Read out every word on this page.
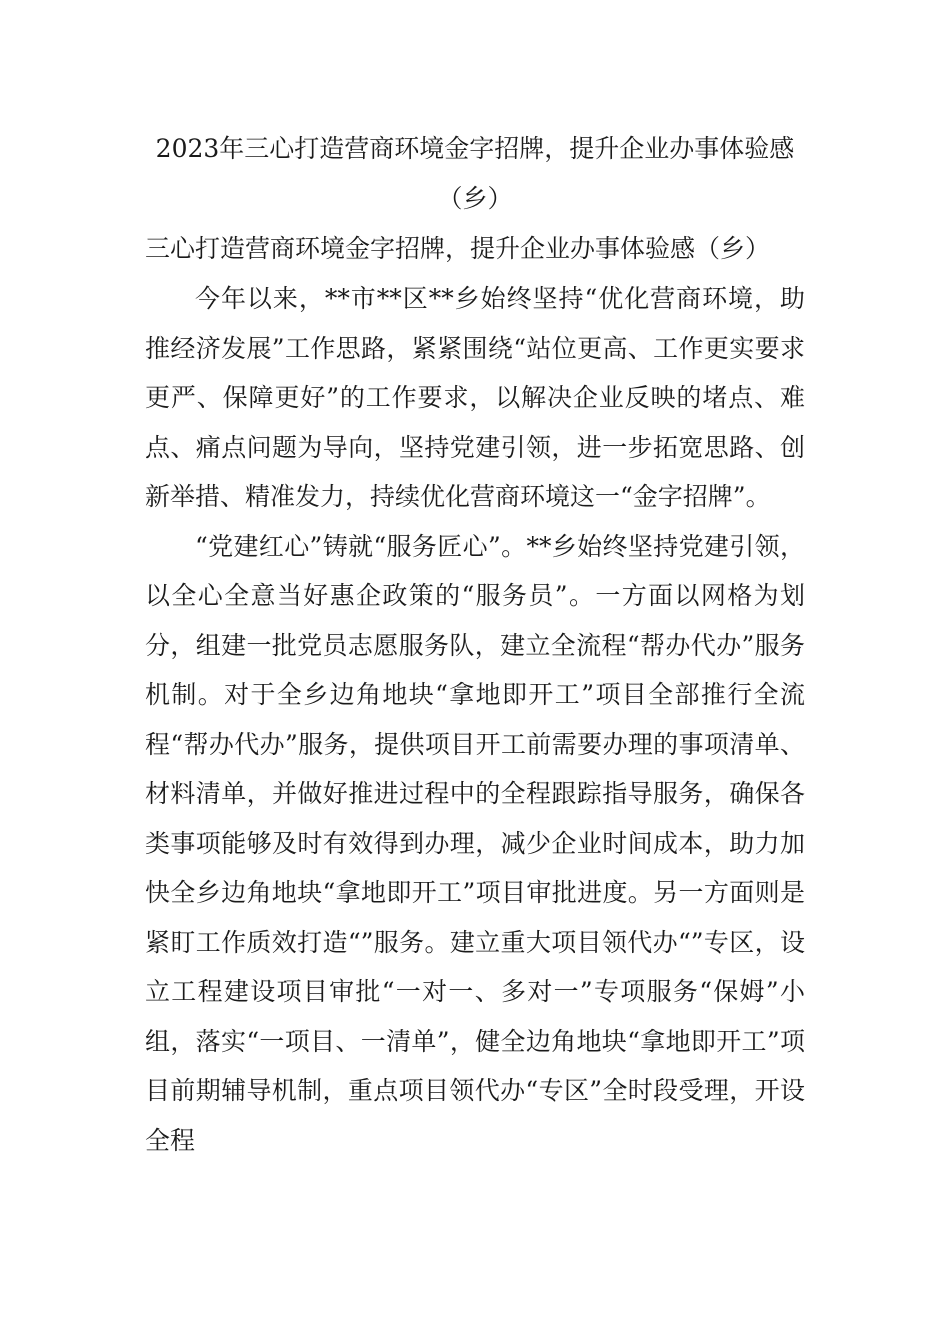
2023年三心打造营商环境金字招牌，提升企业办事体验感（乡）

三心打造营商环境金字招牌，提升企业办事体验感（乡）

今年以来，**市**区**乡始终坚持“优化营商环境，助推经济发展”工作思路，紧紧围绕“站位更高、工作更实要求更严、保障更好”的工作要求，以解决企业反映的堵点、难点、痛点问题为导向，坚持党建引领，进一步拓宽思路、创新举措、精准发力，持续优化营商环境这一“金字招牌”。

“党建红心”铸就“服务匠心”。**乡始终坚持党建引领，以全心全意当好惠企政策的“服务员”。一方面以网格为划分，组建一批党员志愿服务队，建立全流程“帮办代办”服务机制。对于全乡边角地块“拿地即开工”项目全部推行全流程“帮办代办”服务，提供项目开工前需要办理的事项清单、材料清单，并做好推进过程中的全程跟踪指导服务，确保各类事项能够及时有效得到办理，减少企业时间成本，助力加快全乡边角地块“拿地即开工”项目审批进度。另一方面则是紧盯工作质效打造“”服务。建立重大项目领代办“”专区，设立工程建设项目审批“一对一、多对一”专项服务“保姆”小组，落实“一项目、一清单”，健全边角地块“拿地即开工”项目前期辅导机制，重点项目领代办“专区”全时段受理，开设全程
